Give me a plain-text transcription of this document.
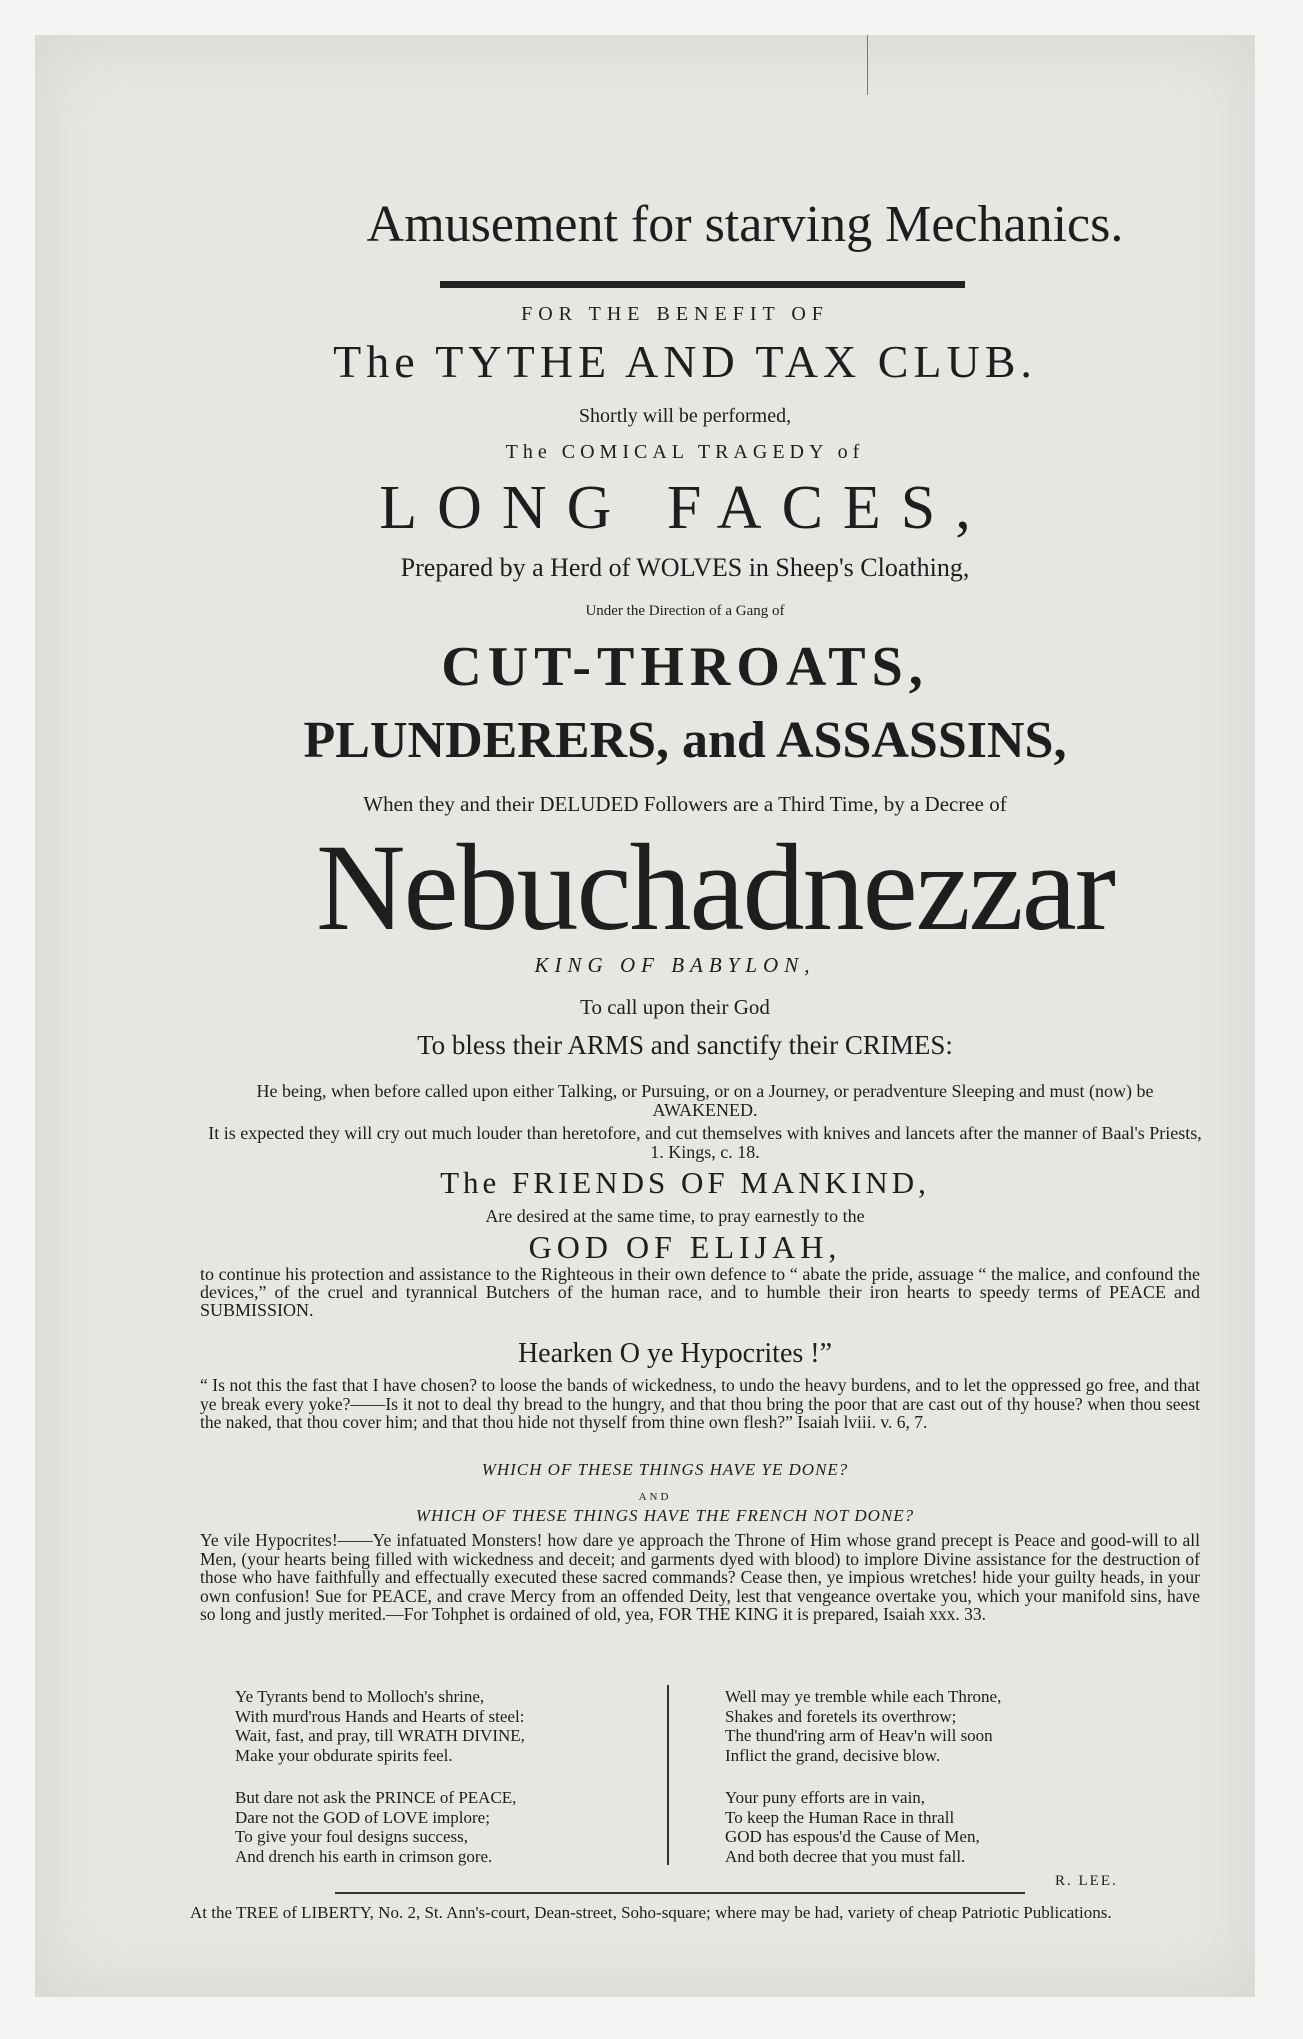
Amusement for starving Mechanics.
FOR THE BENEFIT OF
The TYTHE AND TAX CLUB.
Shortly will be performed,
The COMICAL TRAGEDY of
LONG FACES,
Prepared by a Herd of WOLVES in Sheep's Cloathing,
Under the Direction of a Gang of
CUT-THROATS,
PLUNDERERS, and ASSASSINS,
When they and their DELUDED Followers are a Third Time, by a Decree of
Nebuchadnezzar
KING OF BABYLON,
To call upon their God
To bless their ARMS and sanctify their CRIMES:
He being, when before called upon either Talking, or Pursuing, or on a Journey, or peradventure Sleeping and must (now) be AWAKENED.
It is expected they will cry out much louder than heretofore, and cut themselves with knives and lancets after the manner of Baal's Priests, 1. Kings, c. 18.
The FRIENDS OF MANKIND,
Are desired at the same time, to pray earnestly to the
GOD OF ELIJAH,
to continue his protection and assistance to the Righteous in their own defence to “ abate the pride, assuage “ the malice, and confound the devices,” of the cruel and tyrannical Butchers of the human race, and to humble their iron hearts to speedy terms of PEACE and SUBMISSION.
Hearken O ye Hypocrites !”
“ Is not this the fast that I have chosen? to loose the bands of wickedness, to undo the heavy burdens, and to let the oppressed go free, and that ye break every yoke?——Is it not to deal thy bread to the hungry, and that thou bring the poor that are cast out of thy house? when thou seest the naked, that thou cover him; and that thou hide not thyself from thine own flesh?” Isaiah lviii. v. 6, 7.
WHICH OF THESE THINGS HAVE YE DONE?
AND
WHICH OF THESE THINGS HAVE THE FRENCH NOT DONE?
Ye vile Hypocrites!——Ye infatuated Monsters! how dare ye approach the Throne of Him whose grand precept is Peace and good-will to all Men, (your hearts being filled with wickedness and deceit; and garments dyed with blood) to implore Divine assistance for the destruction of those who have faithfully and effectually executed these sacred commands? Cease then, ye impious wretches! hide your guilty heads, in your own confusion! Sue for PEACE, and crave Mercy from an offended Deity, lest that vengeance overtake you, which your manifold sins, have so long and justly merited.—For Tohphet is ordained of old, yea, FOR THE KING it is prepared, Isaiah xxx. 33.
Ye Tyrants bend to Molloch's shrine,
With murd'rous Hands and Hearts of steel:
Wait, fast, and pray, till WRATH DIVINE,
Make your obdurate spirits feel.
But dare not ask the PRINCE of PEACE,
Dare not the GOD of LOVE implore;
To give your foul designs success,
And drench his earth in crimson gore.
Well may ye tremble while each Throne,
Shakes and foretels its overthrow;
The thund'ring arm of Heav'n will soon
Inflict the grand, decisive blow.
Your puny efforts are in vain,
To keep the Human Race in thrall
GOD has espous'd the Cause of Men,
And both decree that you must fall.
R. LEE.
At the TREE of LIBERTY, No. 2, St. Ann's-court, Dean-street, Soho-square; where may be had, variety of cheap Patriotic Publications.
